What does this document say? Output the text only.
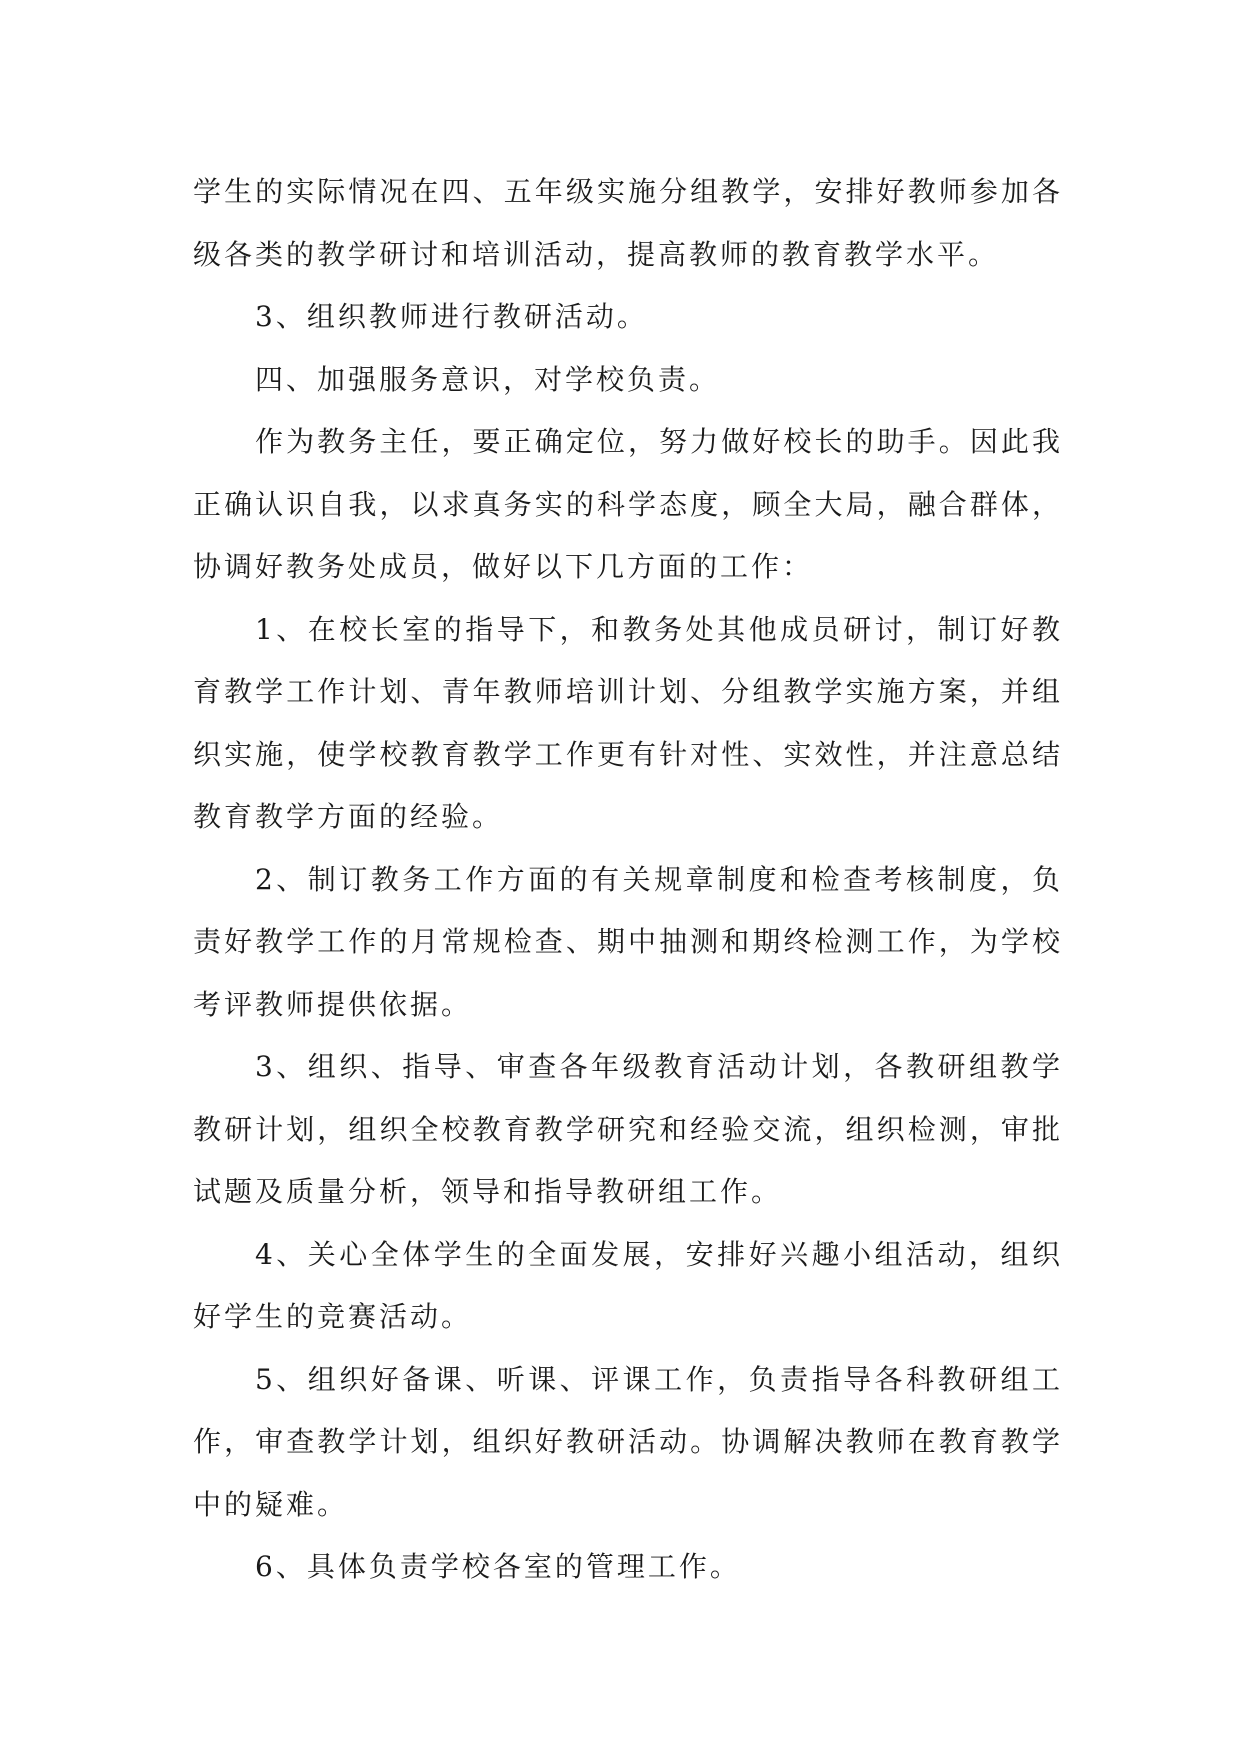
学生的实际情况在四、五年级实施分组教学，安排好教师参加各级各类的教学研讨和培训活动，提高教师的教育教学水平。

3、组织教师进行教研活动。

四、加强服务意识，对学校负责。

作为教务主任，要正确定位，努力做好校长的助手。因此我正确认识自我，以求真务实的科学态度，顾全大局，融合群体，协调好教务处成员，做好以下几方面的工作：

1、在校长室的指导下，和教务处其他成员研讨，制订好教育教学工作计划、青年教师培训计划、分组教学实施方案，并组织实施，使学校教育教学工作更有针对性、实效性，并注意总结教育教学方面的经验。

2、制订教务工作方面的有关规章制度和检查考核制度，负责好教学工作的月常规检查、期中抽测和期终检测工作，为学校考评教师提供依据。

3、组织、指导、审查各年级教育活动计划，各教研组教学教研计划，组织全校教育教学研究和经验交流，组织检测，审批试题及质量分析，领导和指导教研组工作。

4、关心全体学生的全面发展，安排好兴趣小组活动，组织好学生的竞赛活动。

5、组织好备课、听课、评课工作，负责指导各科教研组工作，审查教学计划，组织好教研活动。协调解决教师在教育教学中的疑难。

6、具体负责学校各室的管理工作。
